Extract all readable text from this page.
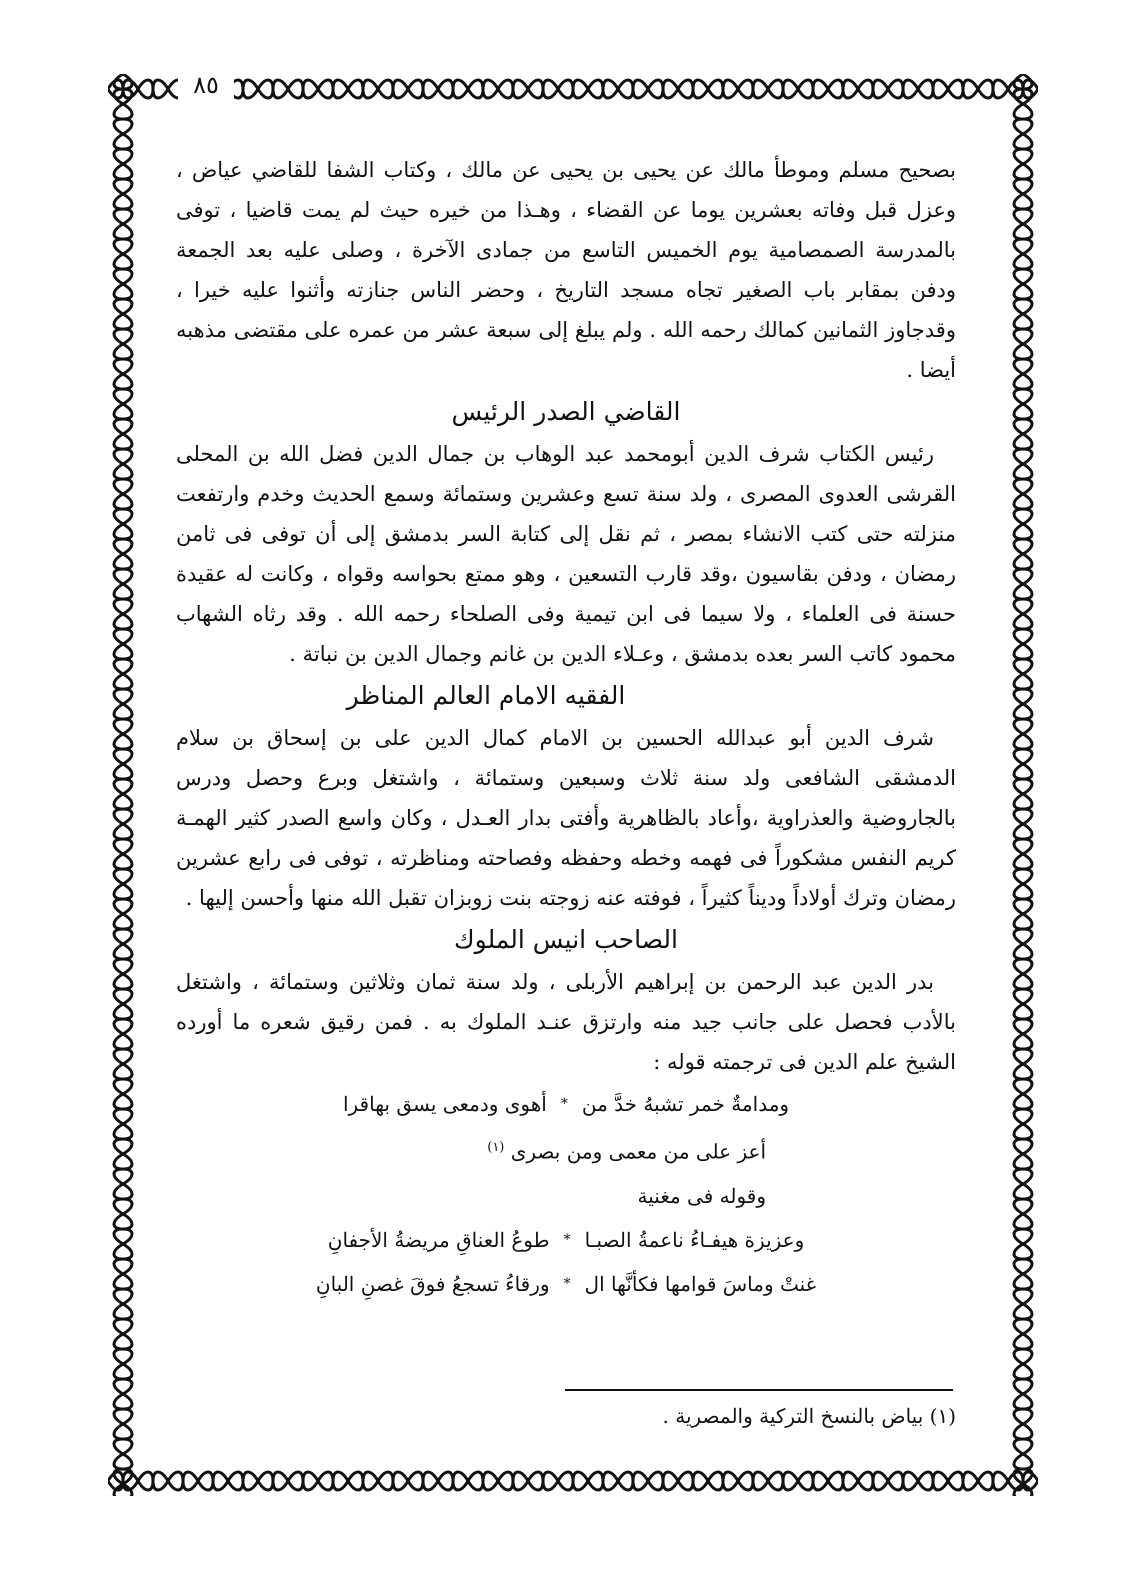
٨٥

بصحيح مسلم وموطأ مالك عن يحيى بن يحيى عن مالك ، وكتاب الشفا للقاضي عياض ، وعزل قبل وفاته بعشرين يوما عن القضاء ، وهـذا من خيره حيث لم يمت قاضيا ، توفى بالمدرسة الصمصامية يوم الخميس التاسع من جمادى الآخرة ، وصلى عليه بعد الجمعة ودفن بمقابر باب الصغير تجاه مسجد التاريخ ، وحضر الناس جنازته وأثنوا عليه خيرا ، وقدجاوز الثمانين كمالك رحمه الله . ولم يبلغ إلى سبعة عشر من عمره على مقتضى مذهبه أيضا .

القاضي الصدر الرئيس

رئيس الكتاب شرف الدين أبومحمد عبد الوهاب بن جمال الدين فضل الله بن المحلى القرشى العدوى المصرى ، ولد سنة تسع وعشرين وستمائة وسمع الحديث وخدم وارتفعت منزلته حتى كتب الانشاء بمصر ، ثم نقل إلى كتابة السر بدمشق إلى أن توفى فى ثامن رمضان ، ودفن بقاسيون ،وقد قارب التسعين ، وهو ممتع بحواسه وقواه ، وكانت له عقيدة حسنة فى العلماء ، ولا سيما فى ابن تيمية وفى الصلحاء رحمه الله . وقد رثاه الشهاب محمود كاتب السر بعده بدمشق ، وعـلاء الدين بن غانم وجمال الدين بن نباتة .

الفقيه الامام العالم المناظر

شرف الدين أبو عبدالله الحسين بن الامام كمال الدين على بن إسحاق بن سلام الدمشقى الشافعى ولد سنة ثلاث وسبعين وستمائة ، واشتغل وبرع وحصل ودرس بالجاروضية والعذراوية ،وأعاد بالظاهرية وأفتى بدار العـدل ، وكان واسع الصدر كثير الهمـة كريم النفس مشكوراً فى فهمه وخطه وحفظه وفصاحته ومناظرته ، توفى فى رابع عشرين رمضان وترك أولاداً وديناً كثيراً ، فوفته عنه زوجته بنت زوبزان تقبل الله منها وأحسن إليها .

الصاحب انيس الملوك

بدر الدين عبد الرحمن بن إبراهيم الأربلى ، ولد سنة ثمان وثلاثين وستمائة ، واشتغل بالأدب فحصل على جانب جيد منه وارتزق عنـد الملوك به . فمن رقيق شعره ما أورده الشيخ علم الدين فى ترجمته قوله :

ومدامةٌ خمر تشبهُ خدَّ من
*
أهوى ودمعى يسق بهاقرا
أعز على من معمى ومن بصرى $^{(١)}$
وقوله فى مغنية
وعزيزة هيفـاءُ ناعمةُ الصبـا
*
طوعُ العناقِ مريضةُ الأجفانِ
غنتْ وماسَ قوامها فكأنَّها ال
*
ورقاءُ تسجعُ فوقَ غصنِ البانِ
(١) بياض بالنسخ التركية والمصرية .
